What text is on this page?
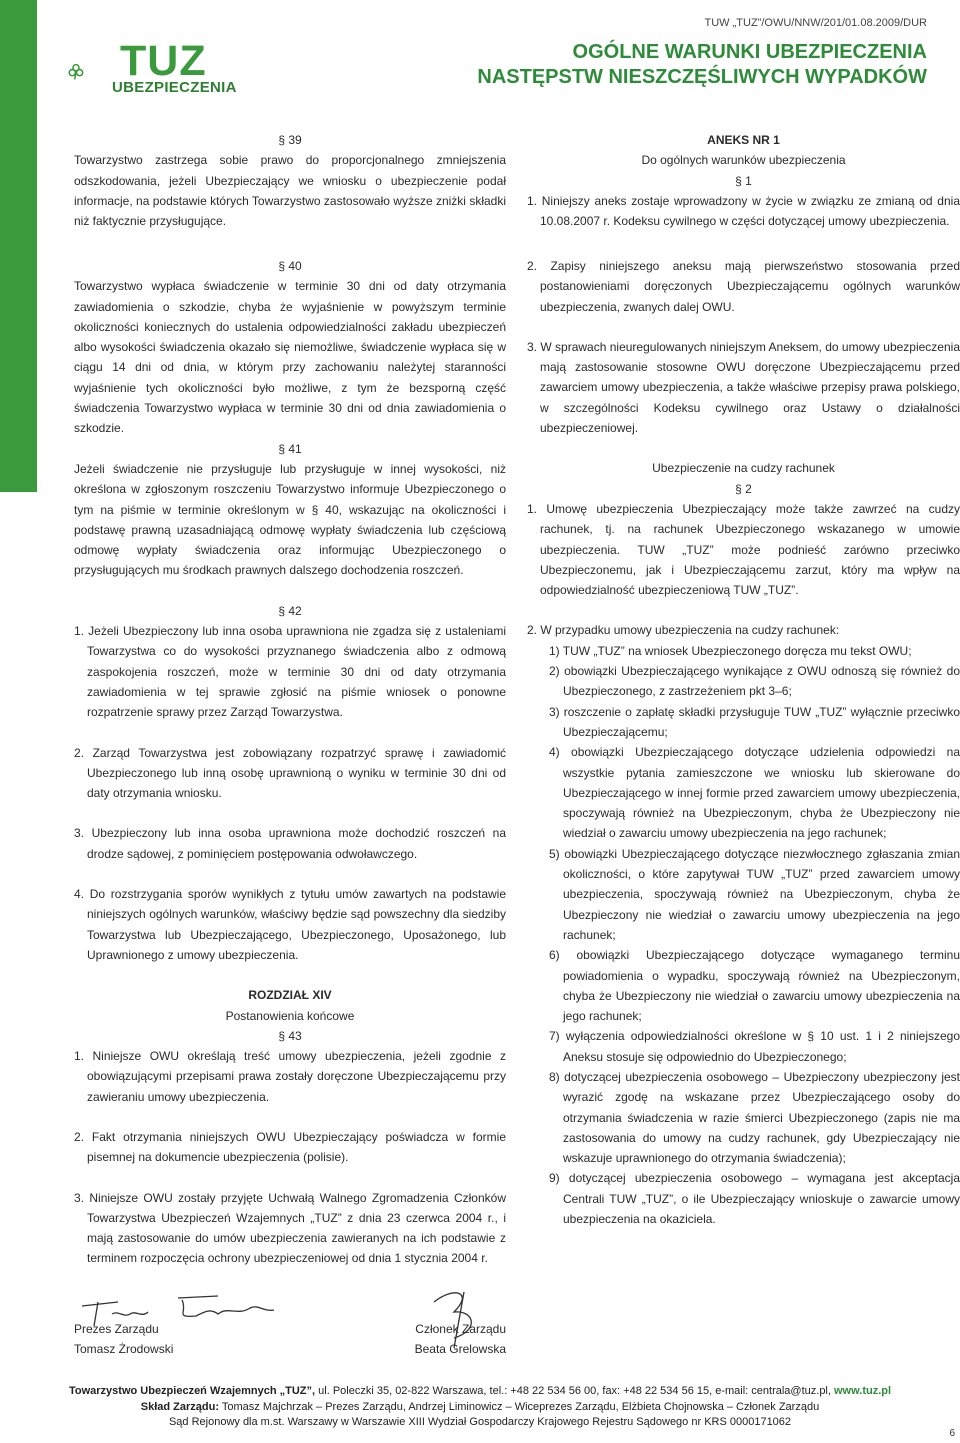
TUZ
UBEZPIECZENIA
TUW „TUZ”/OWU/NNW/201/01.08.2009/DUR
OGÓLNE WARUNKI UBEZPIECZENIA
NASTĘPSTW NIESZCZĘŚLIWYCH WYPADKÓW

§ 39

Towarzystwo zastrzega sobie prawo do proporcjonalnego zmniejszenia odszkodowania, jeżeli Ubezpieczający we wniosku o ubezpieczenie podał informacje, na podstawie których Towarzystwo zastosowało wyższe zniżki składki niż faktycznie przysługujące.

§ 40

Towarzystwo wypłaca świadczenie w terminie 30 dni od daty otrzymania zawiadomienia o szkodzie, chyba że wyjaśnienie w powyższym terminie okoliczności koniecznych do ustalenia odpowiedzialności zakładu ubezpieczeń albo wysokości świadczenia okazało się niemożliwe, świadczenie wypłaca się w ciągu 14 dni od dnia, w którym przy zachowaniu należytej staranności wyjaśnienie tych okoliczności było możliwe, z tym że bezsporną część świadczenia Towarzystwo wypłaca w terminie 30 dni od dnia zawiadomienia o szkodzie.

§ 41

Jeżeli świadczenie nie przysługuje lub przysługuje w innej wysokości, niż określona w zgłoszonym roszczeniu Towarzystwo informuje Ubezpieczonego o tym na piśmie w terminie określonym w § 40, wskazując na okoliczności i podstawę prawną uzasadniającą odmowę wypłaty świadczenia lub częściową odmowę wypłaty świadczenia oraz informując Ubezpieczonego o przysługujących mu środkach prawnych dalszego dochodzenia roszczeń.

§ 42

1. Jeżeli Ubezpieczony lub inna osoba uprawniona nie zgadza się z ustaleniami Towarzystwa co do wysokości przyznanego świadczenia albo z odmową zaspokojenia roszczeń, może w terminie 30 dni od daty otrzymania zawiadomienia w tej sprawie zgłosić na piśmie wniosek o ponowne rozpatrzenie sprawy przez Zarząd Towarzystwa.

2. Zarząd Towarzystwa jest zobowiązany rozpatrzyć sprawę i zawiadomić Ubezpieczonego lub inną osobę uprawnioną o wyniku w terminie 30 dni od daty otrzymania wniosku.

3. Ubezpieczony lub inna osoba uprawniona może dochodzić roszczeń na drodze sądowej, z pominięciem postępowania odwoławczego.

4. Do rozstrzygania sporów wynikłych z tytułu umów zawartych na podstawie niniejszych ogólnych warunków, właściwy będzie sąd powszechny dla siedziby Towarzystwa lub Ubezpieczającego, Ubezpieczonego, Uposażonego, lub Uprawnionego z umowy ubezpieczenia.

ROZDZIAŁ XIV

Postanowienia końcowe

§ 43

1. Niniejsze OWU określają treść umowy ubezpieczenia, jeżeli zgodnie z obowiązującymi przepisami prawa zostały doręczone Ubezpieczającemu przy zawieraniu umowy ubezpieczenia.

2. Fakt otrzymania niniejszych OWU Ubezpieczający poświadcza w formie pisemnej na dokumencie ubezpieczenia (polisie).

3. Niniejsze OWU zostały przyjęte Uchwałą Walnego Zgromadzenia Członków Towarzystwa Ubezpieczeń Wzajemnych „TUZ” z dnia 23 czerwca 2004 r., i mają zastosowanie do umów ubezpieczenia zawieranych na ich podstawie z terminem rozpoczęcia ochrony ubezpieczeniowej od dnia 1 stycznia 2004 r.

Prezes Zarządu
Tomasz Żrodowski
Członek Zarządu
Beata Grelowska

ANEKS NR 1

Do ogólnych warunków ubezpieczenia

§ 1

1. Niniejszy aneks zostaje wprowadzony w życie w związku ze zmianą od dnia 10.08.2007 r. Kodeksu cywilnego w części dotyczącej umowy ubezpieczenia.

2. Zapisy niniejszego aneksu mają pierwszeństwo stosowania przed postanowieniami doręczonych Ubezpieczającemu ogólnych warunków ubezpieczenia, zwanych dalej OWU.

3. W sprawach nieuregulowanych niniejszym Aneksem, do umowy ubezpieczenia mają zastosowanie stosowne OWU doręczone Ubezpieczającemu przed zawarciem umowy ubezpieczenia, a także właściwe przepisy prawa polskiego, w szczególności Kodeksu cywilnego oraz Ustawy o działalności ubezpieczeniowej.

Ubezpieczenie na cudzy rachunek

§ 2

1. Umowę ubezpieczenia Ubezpieczający może także zawrzeć na cudzy rachunek, tj. na rachunek Ubezpieczonego wskazanego w umowie ubezpieczenia. TUW „TUZ” może podnieść zarówno przeciwko Ubezpieczonemu, jak i Ubezpieczającemu zarzut, który ma wpływ na odpowiedzialność ubezpieczeniową TUW „TUZ”.

2. W przypadku umowy ubezpieczenia na cudzy rachunek:

1) TUW „TUZ” na wniosek Ubezpieczonego doręcza mu tekst OWU;

2) obowiązki Ubezpieczającego wynikające z OWU odnoszą się również do Ubezpieczonego, z zastrzeżeniem pkt 3–6;

3) roszczenie o zapłatę składki przysługuje TUW „TUZ” wyłącznie przeciwko Ubezpieczającemu;

4) obowiązki Ubezpieczającego dotyczące udzielenia odpowiedzi na wszystkie pytania zamieszczone we wniosku lub skierowane do Ubezpieczającego w innej formie przed zawarciem umowy ubezpieczenia, spoczywają również na Ubezpieczonym, chyba że Ubezpieczony nie wiedział o zawarciu umowy ubezpieczenia na jego rachunek;

5) obowiązki Ubezpieczającego dotyczące niezwłocznego zgłaszania zmian okoliczności, o które zapytywał TUW „TUZ” przed zawarciem umowy ubezpieczenia, spoczywają również na Ubezpieczonym, chyba że Ubezpieczony nie wiedział o zawarciu umowy ubezpieczenia na jego rachunek;

6) obowiązki Ubezpieczającego dotyczące wymaganego terminu powiadomienia o wypadku, spoczywają również na Ubezpieczonym, chyba że Ubezpieczony nie wiedział o zawarciu umowy ubezpieczenia na jego rachunek;

7) wyłączenia odpowiedzialności określone w § 10 ust. 1 i 2 niniejszego Aneksu stosuje się odpowiednio do Ubezpieczonego;

8) dotyczącej ubezpieczenia osobowego – Ubezpieczony ubezpieczony jest wyrazić zgodę na wskazane przez Ubezpieczającego osoby do otrzymania świadczenia w razie śmierci Ubezpieczonego (zapis nie ma zastosowania do umowy na cudzy rachunek, gdy Ubezpieczający nie wskazuje uprawnionego do otrzymania świadczenia);

9) dotyczącej ubezpieczenia osobowego – wymagana jest akceptacja Centrali TUW „TUZ”, o ile Ubezpieczający wnioskuje o zawarcie umowy ubezpieczenia na okaziciela.

Towarzystwo Ubezpieczeń Wzajemnych „TUZ”, ul. Poleczki 35, 02-822 Warszawa, tel.: +48 22 534 56 00, fax: +48 22 534 56 15, e-mail: centrala@tuz.pl, www.tuz.pl
Skład Zarządu: Tomasz Majchrzak – Prezes Zarządu, Andrzej Liminowicz – Wiceprezes Zarządu, Elżbieta Chojnowska – Członek Zarządu
Sąd Rejonowy dla m.st. Warszawy w Warszawie XIII Wydział Gospodarczy Krajowego Rejestru Sądowego nr KRS 0000171062
6
